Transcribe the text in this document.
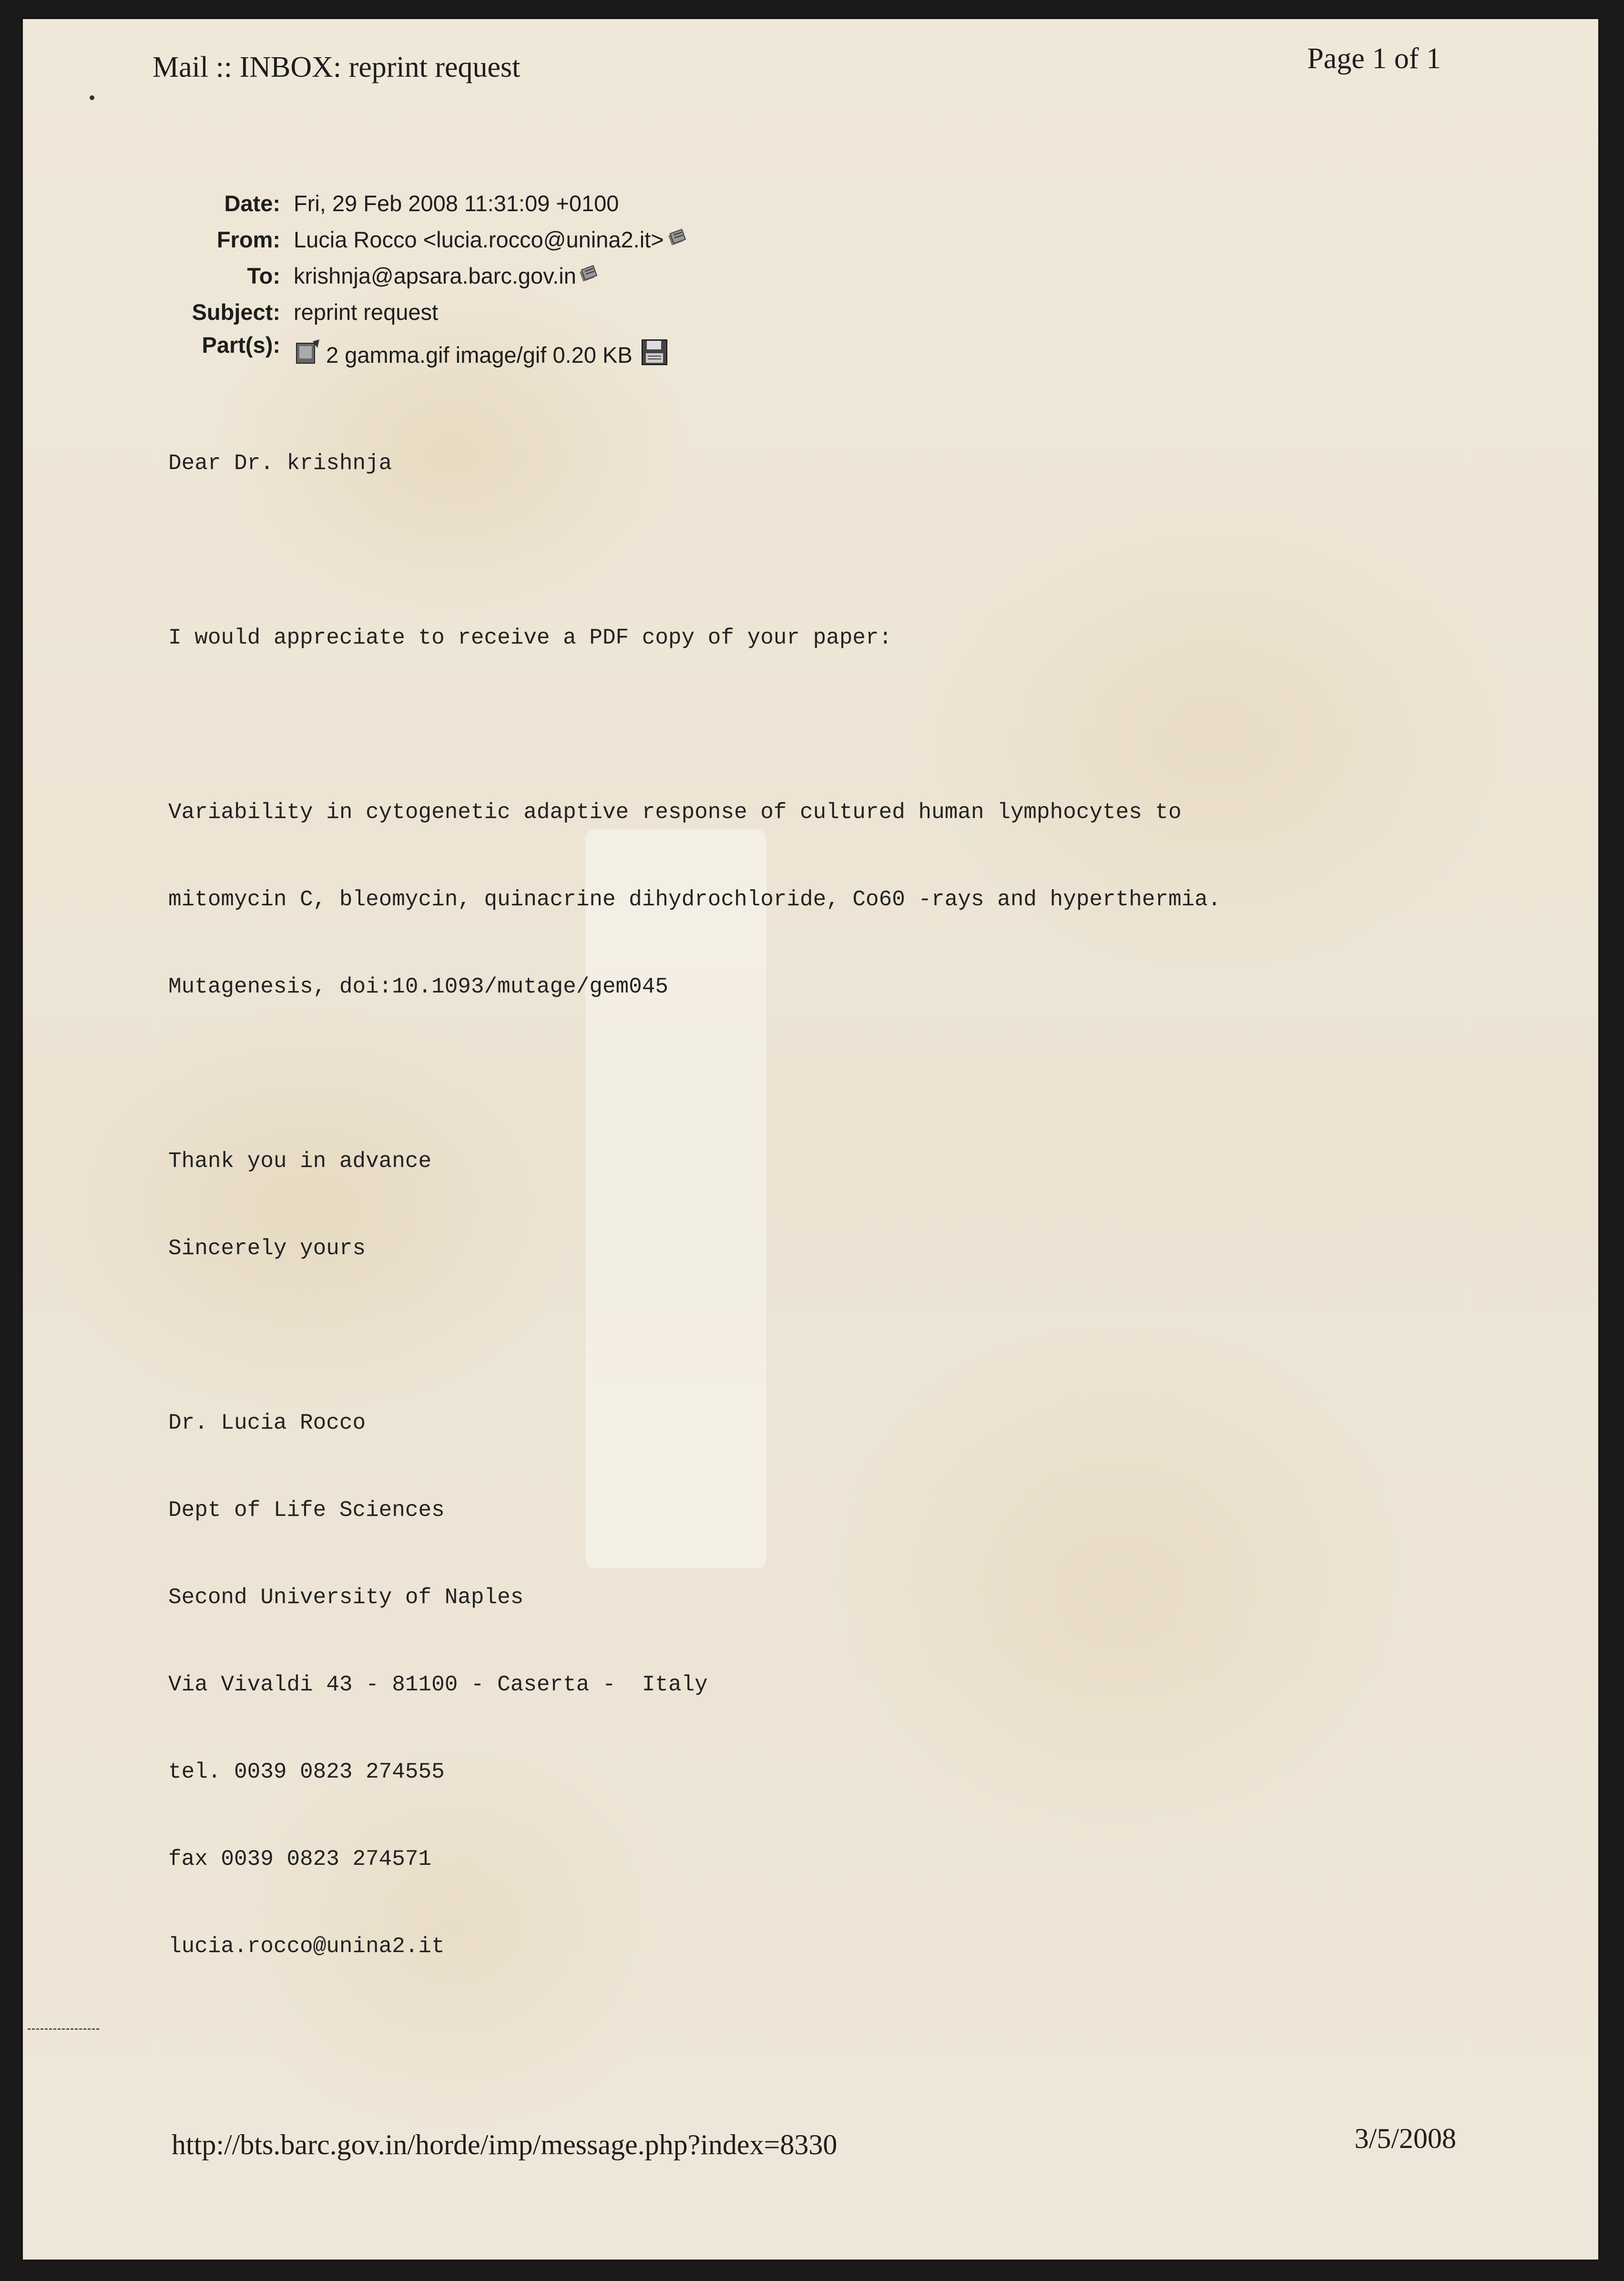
Mail :: INBOX: reprint request	Page 1 of 1
Date: Fri, 29 Feb 2008 11:31:09 +0100
From: Lucia Rocco <lucia.rocco@unina2.it>
To: krishnja@apsara.barc.gov.in
Subject: reprint request
Part(s):	2 gamma.gif image/gif 0.20 KB

Dear Dr. krishnja

I would appreciate to receive a PDF copy of your paper:

Variability in cytogenetic adaptive response of cultured human lymphocytes to

mitomycin C, bleomycin, quinacrine dihydrochloride, Co60 -rays and hyperthermia.

Mutagenesis, doi:10.1093/mutage/gem045

Thank you in advance

Sincerely yours

Dr. Lucia Rocco

Dept of Life Sciences

Second University of Naples

Via Vivaldi 43 - 81100 - Caserta -  Italy

tel. 0039 0823 274555

fax 0039 0823 274571

lucia.rocco@unina2.it

http://bts.barc.gov.in/horde/imp/message.php?index=8330	3/5/2008
